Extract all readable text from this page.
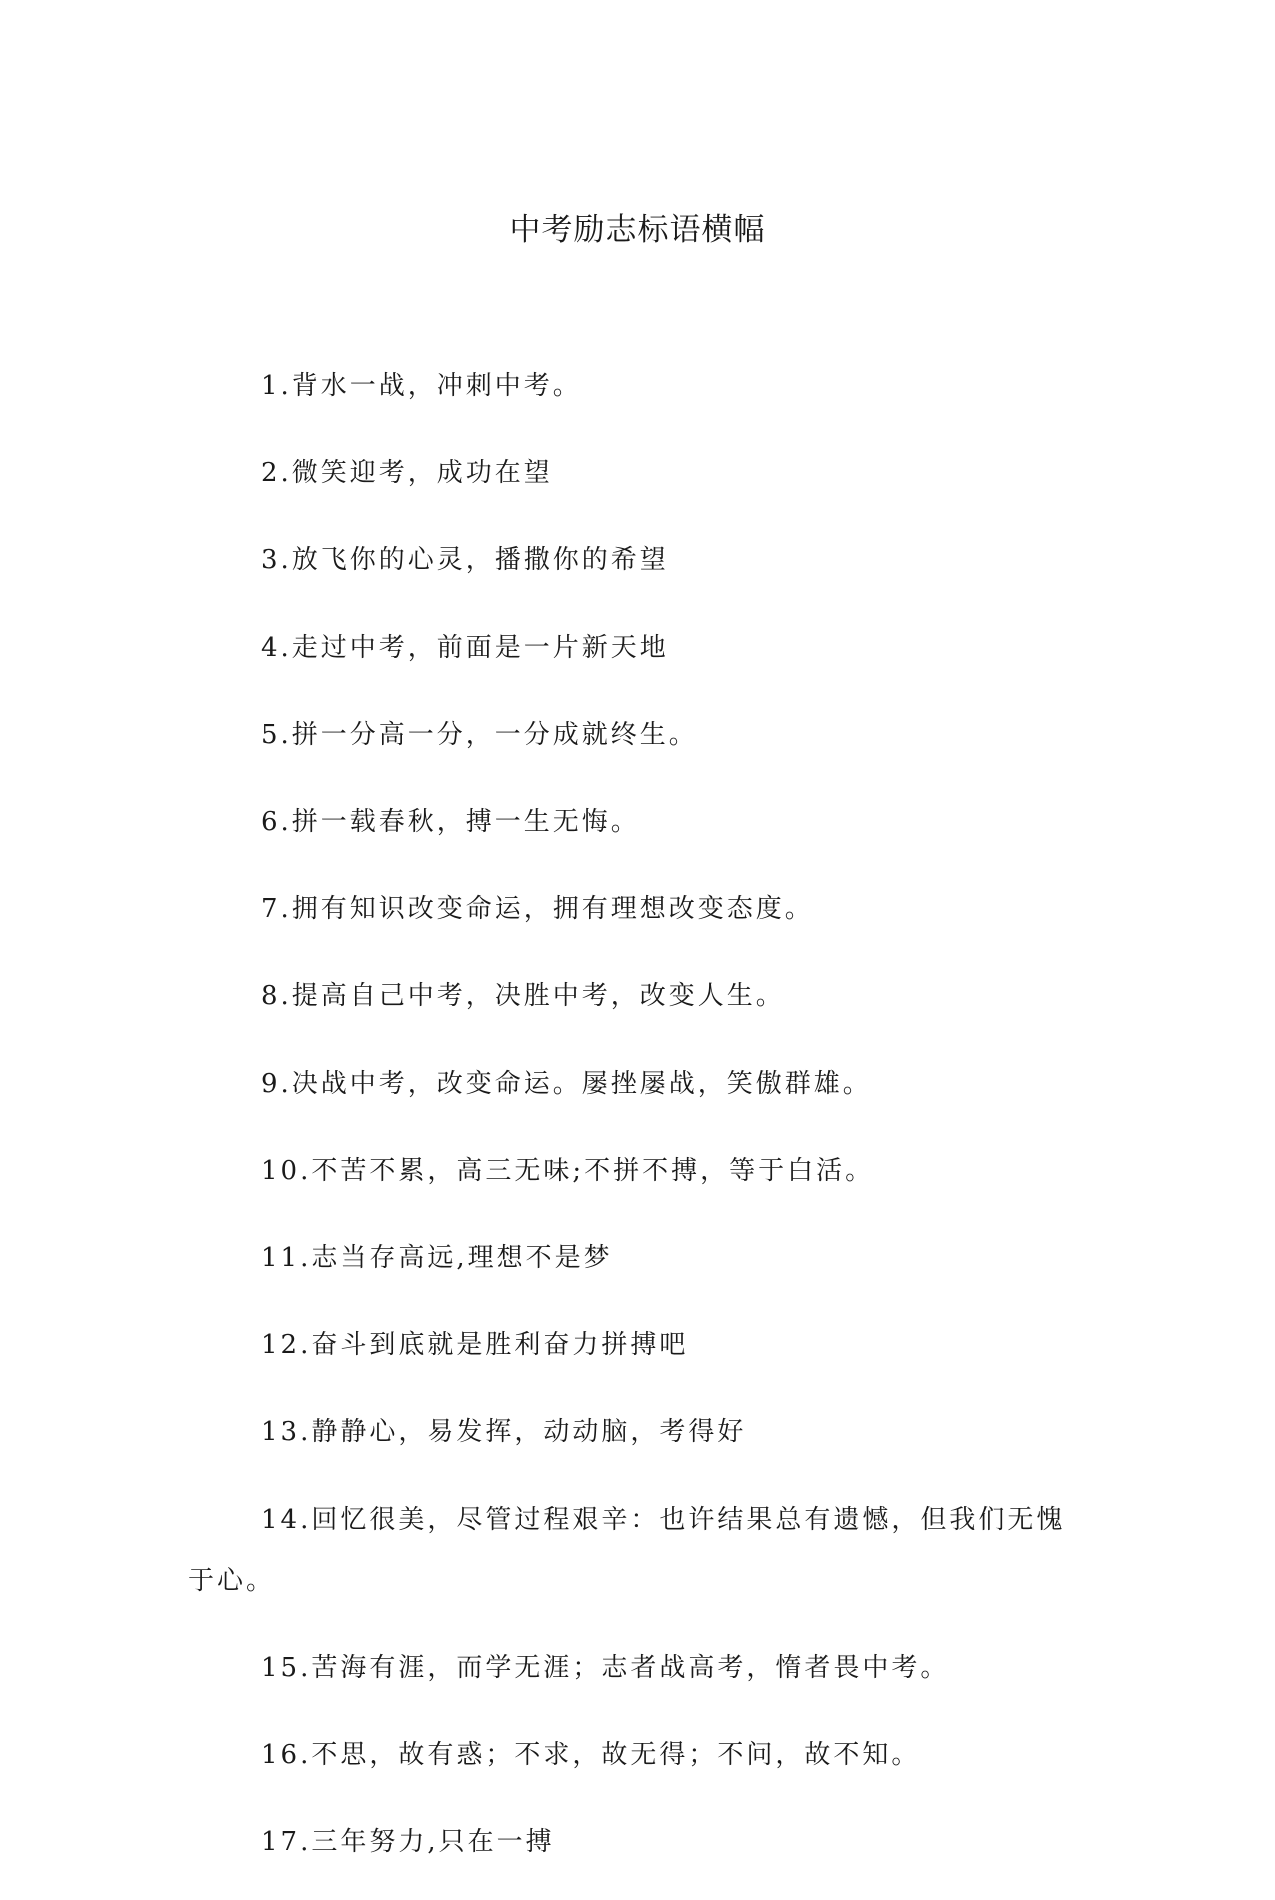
中考励志标语横幅

1.背水一战，冲刺中考。

2.微笑迎考，成功在望

3.放飞你的心灵，播撒你的希望

4.走过中考，前面是一片新天地

5.拼一分高一分，一分成就终生。

6.拼一载春秋，搏一生无悔。

7.拥有知识改变命运，拥有理想改变态度。

8.提高自己中考，决胜中考，改变人生。

9.决战中考，改变命运。屡挫屡战，笑傲群雄。

10.不苦不累，高三无味;不拼不搏，等于白活。

11.志当存高远,理想不是梦

12.奋斗到底就是胜利奋力拼搏吧

13.静静心，易发挥，动动脑，考得好

14.回忆很美，尽管过程艰辛：也许结果总有遗憾，但我们无愧于心。

15.苦海有涯，而学无涯；志者战高考，惰者畏中考。

16.不思，故有惑；不求，故无得；不问，故不知。

17.三年努力,只在一搏
